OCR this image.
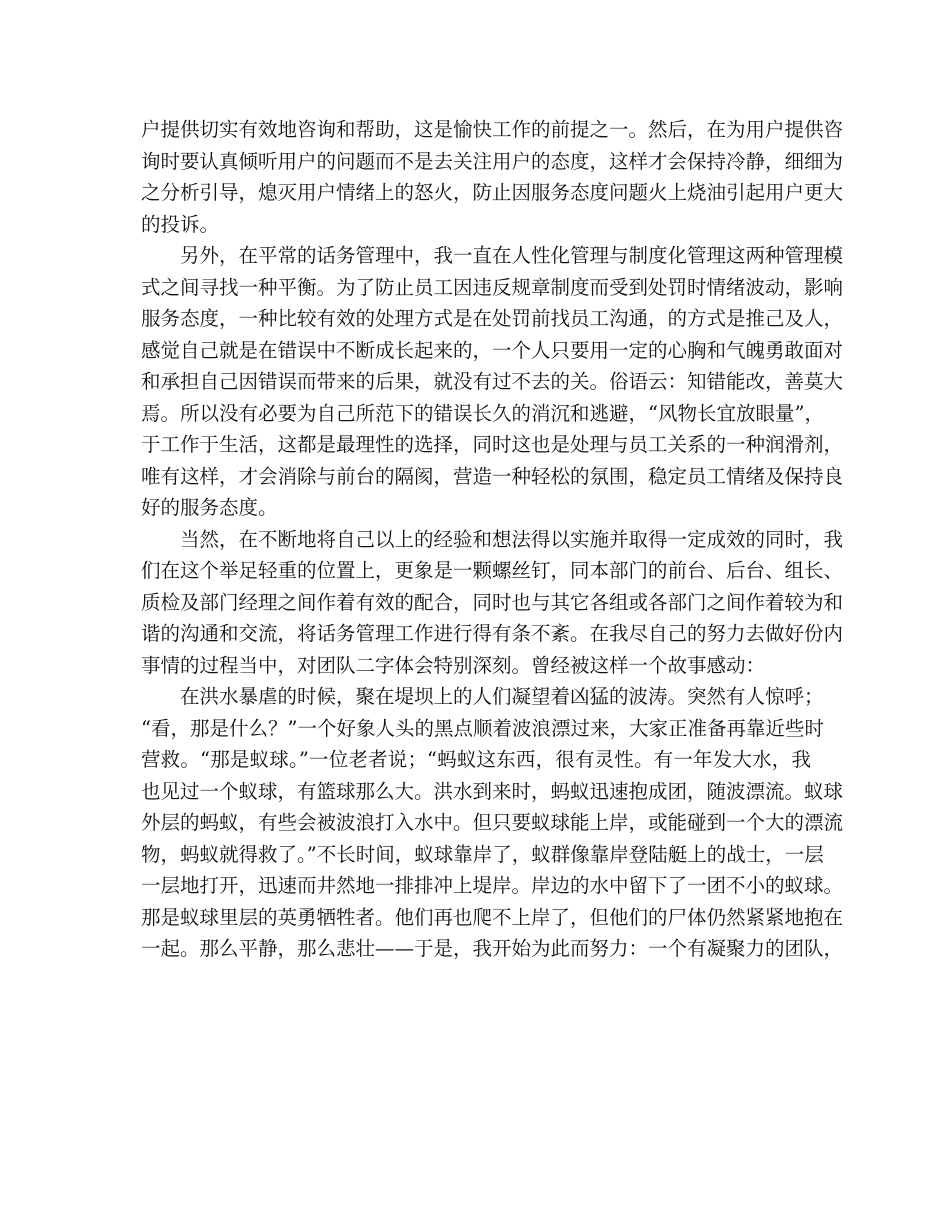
户提供切实有效地咨询和帮助，这是愉快工作的前提之一。然后，在为用户提供咨
询时要认真倾听用户的问题而不是去关注用户的态度，这样才会保持冷静，细细为
之分析引导，熄灭用户情绪上的怒火，防止因服务态度问题火上烧油引起用户更大
的投诉。
另外，在平常的话务管理中，我一直在人性化管理与制度化管理这两种管理模
式之间寻找一种平衡。为了防止员工因违反规章制度而受到处罚时情绪波动，影响
服务态度，一种比较有效的处理方式是在处罚前找员工沟通，的方式是推己及人，
感觉自己就是在错误中不断成长起来的，一个人只要用一定的心胸和气魄勇敢面对
和承担自己因错误而带来的后果，就没有过不去的关。俗语云：知错能改，善莫大
焉。所以没有必要为自己所范下的错误长久的消沉和逃避，“风物长宜放眼量”，
于工作于生活，这都是最理性的选择，同时这也是处理与员工关系的一种润滑剂，
唯有这样，才会消除与前台的隔阂，营造一种轻松的氛围，稳定员工情绪及保持良
好的服务态度。
当然，在不断地将自己以上的经验和想法得以实施并取得一定成效的同时，我
们在这个举足轻重的位置上，更象是一颗螺丝钉，同本部门的前台、后台、组长、
质检及部门经理之间作着有效的配合，同时也与其它各组或各部门之间作着较为和
谐的沟通和交流，将话务管理工作进行得有条不紊。在我尽自己的努力去做好份内
事情的过程当中，对团队二字体会特别深刻。曾经被这样一个故事感动：
在洪水暴虐的时候，聚在堤坝上的人们凝望着凶猛的波涛。突然有人惊呼；
“看，那是什么？”一个好象人头的黑点顺着波浪漂过来，大家正准备再靠近些时
营救。“那是蚁球。”一位老者说；“蚂蚁这东西，很有灵性。有一年发大水，我
也见过一个蚁球，有篮球那么大。洪水到来时，蚂蚁迅速抱成团，随波漂流。蚁球
外层的蚂蚁，有些会被波浪打入水中。但只要蚁球能上岸，或能碰到一个大的漂流
物，蚂蚁就得救了。”不长时间，蚁球靠岸了，蚁群像靠岸登陆艇上的战士，一层
一层地打开，迅速而井然地一排排冲上堤岸。岸边的水中留下了一团不小的蚁球。
那是蚁球里层的英勇牺牲者。他们再也爬不上岸了，但他们的尸体仍然紧紧地抱在
一起。那么平静，那么悲壮——于是，我开始为此而努力：一个有凝聚力的团队，
